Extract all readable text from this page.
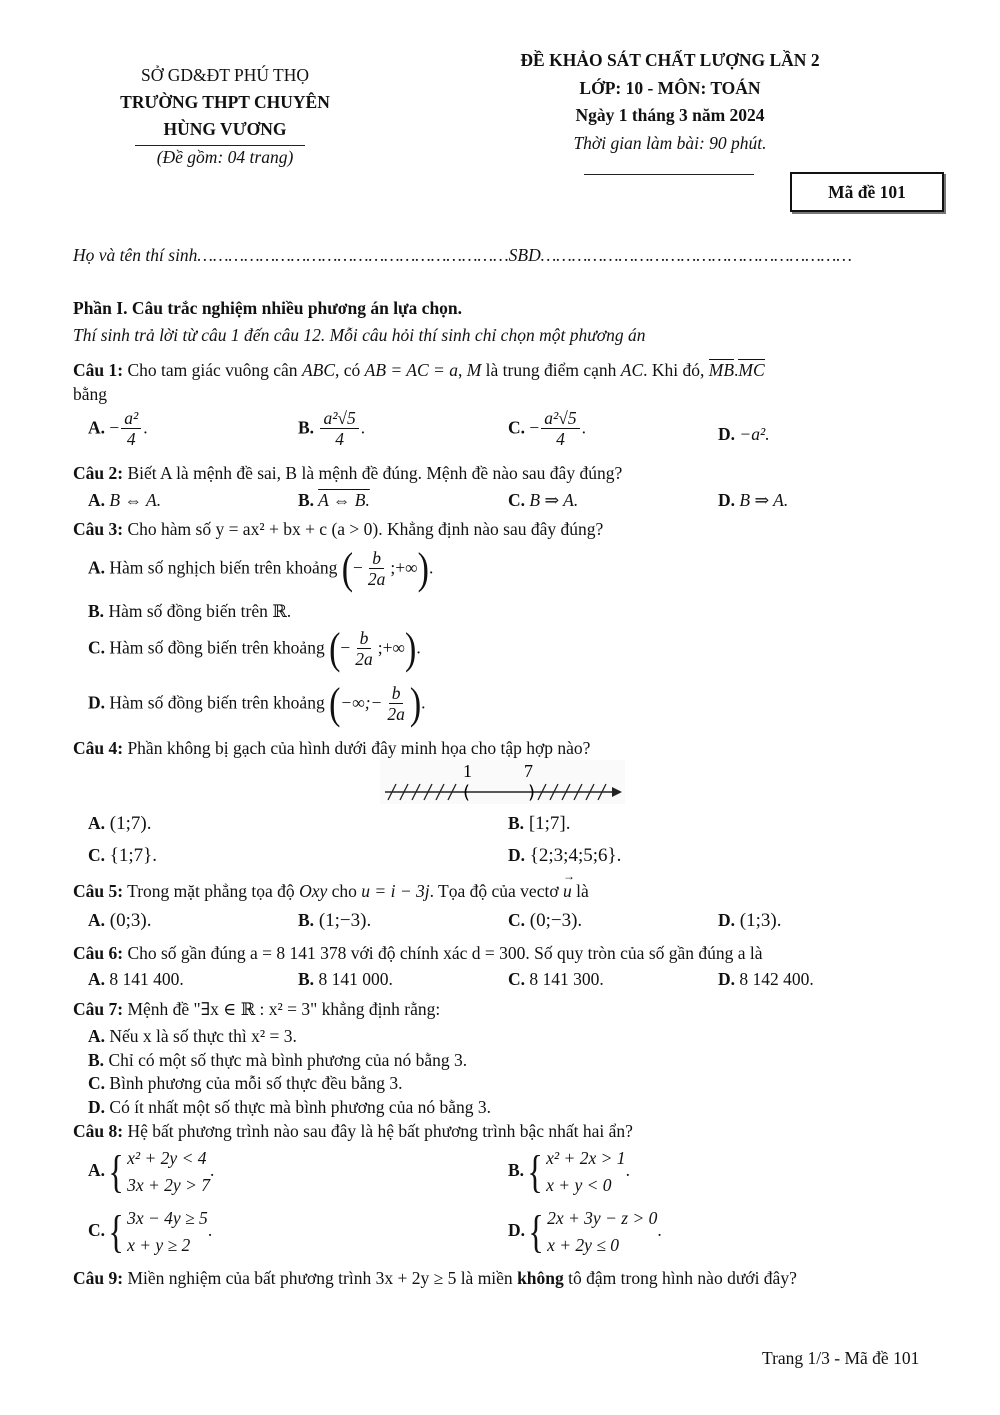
SỞ GD&ĐT PHÚ THỌ
TRƯỜNG THPT CHUYÊN
HÙNG VƯƠNG
(Đề gồm: 04 trang)
ĐỀ KHẢO SÁT CHẤT LƯỢNG LẦN 2
LỚP: 10 - MÔN: TOÁN
Ngày 1 tháng 3 năm 2024
Thời gian làm bài: 90 phút.
Mã đề 101
Họ và tên thí sinh……………………………………………………SBD……………………………………………………
Phần I. Câu trắc nghiệm nhiều phương án lựa chọn.
Thí sinh trả lời từ câu 1 đến câu 12. Mỗi câu hỏi thí sinh chỉ chọn một phương án
Câu 1: Cho tam giác vuông cân ABC, có AB = AC = a, M là trung điểm cạnh AC. Khi đó, MB.MC
bằng
A. − $\frac{\text{a²}}{4}$ .	B. $\frac{\text{a²√5}}{4}$ .	C. − $\frac{\text{a²√5}}{4}$ .	D. −a².
Câu 2: Biết A là mệnh đề sai, B là mệnh đề đúng. Mệnh đề nào sau đây đúng?
A. B ⇔ A.	B. A ⇔ B.	C. B ⇒ A.	D. B ⇒ A.
Câu 3: Cho hàm số y = ax² + bx + c (a > 0). Khẳng định nào sau đây đúng?
A. Hàm số nghịch biến trên khoảng (− $\frac{b}{2a}$ ;+∞).
B. Hàm số đồng biến trên ℝ.
C. Hàm số đồng biến trên khoảng (− $\frac{b}{2a}$ ;+∞).
D. Hàm số đồng biến trên khoảng (−∞;− $\frac{b}{2a}$ ).
Câu 4: Phần không bị gạch của hình dưới đây minh họa cho tập hợp nào?
(	)
1	7
A. (1;7).	B. [1;7].
C. {1;7}.	D. {2;3;4;5;6}.
Câu 5: Trong mặt phẳng tọa độ Oxy cho u = i − 3j. Tọa độ của vectơ → u là
A. (0;3).	B. (1;−3).	C. (0;−3).	D. (1;3).
Câu 6: Cho số gần đúng a = 8 141 378 với độ chính xác d = 300. Số quy tròn của số gần đúng a là
A. 8 141 400.	B. 8 141 000.	C. 8 141 300.	D. 8 142 400.
Câu 7: Mệnh đề "∃x ∈ ℝ : x² = 3" khẳng định rằng:
A. Nếu x là số thực thì x² = 3.
B. Chỉ có một số thực mà bình phương của nó bằng 3.
C. Bình phương của mỗi số thực đều bằng 3.
D. Có ít nhất một số thực mà bình phương của nó bằng 3.
Câu 8: Hệ bất phương trình nào sau đây là hệ bất phương trình bậc nhất hai ẩn?
A.{ x² + 2y < 4
3x + 2y > 7
.	B.{ x² + 2x > 1
x + y < 0
.
C.{ 3x − 4y ≥ 5
x + y ≥ 2
.	D.{ 2x + 3y − z > 0
x + 2y ≤ 0
.
Câu 9: Miền nghiệm của bất phương trình 3x + 2y ≥ 5 là miền không tô đậm trong hình nào dưới đây?
Trang 1/3 - Mã đề 101
